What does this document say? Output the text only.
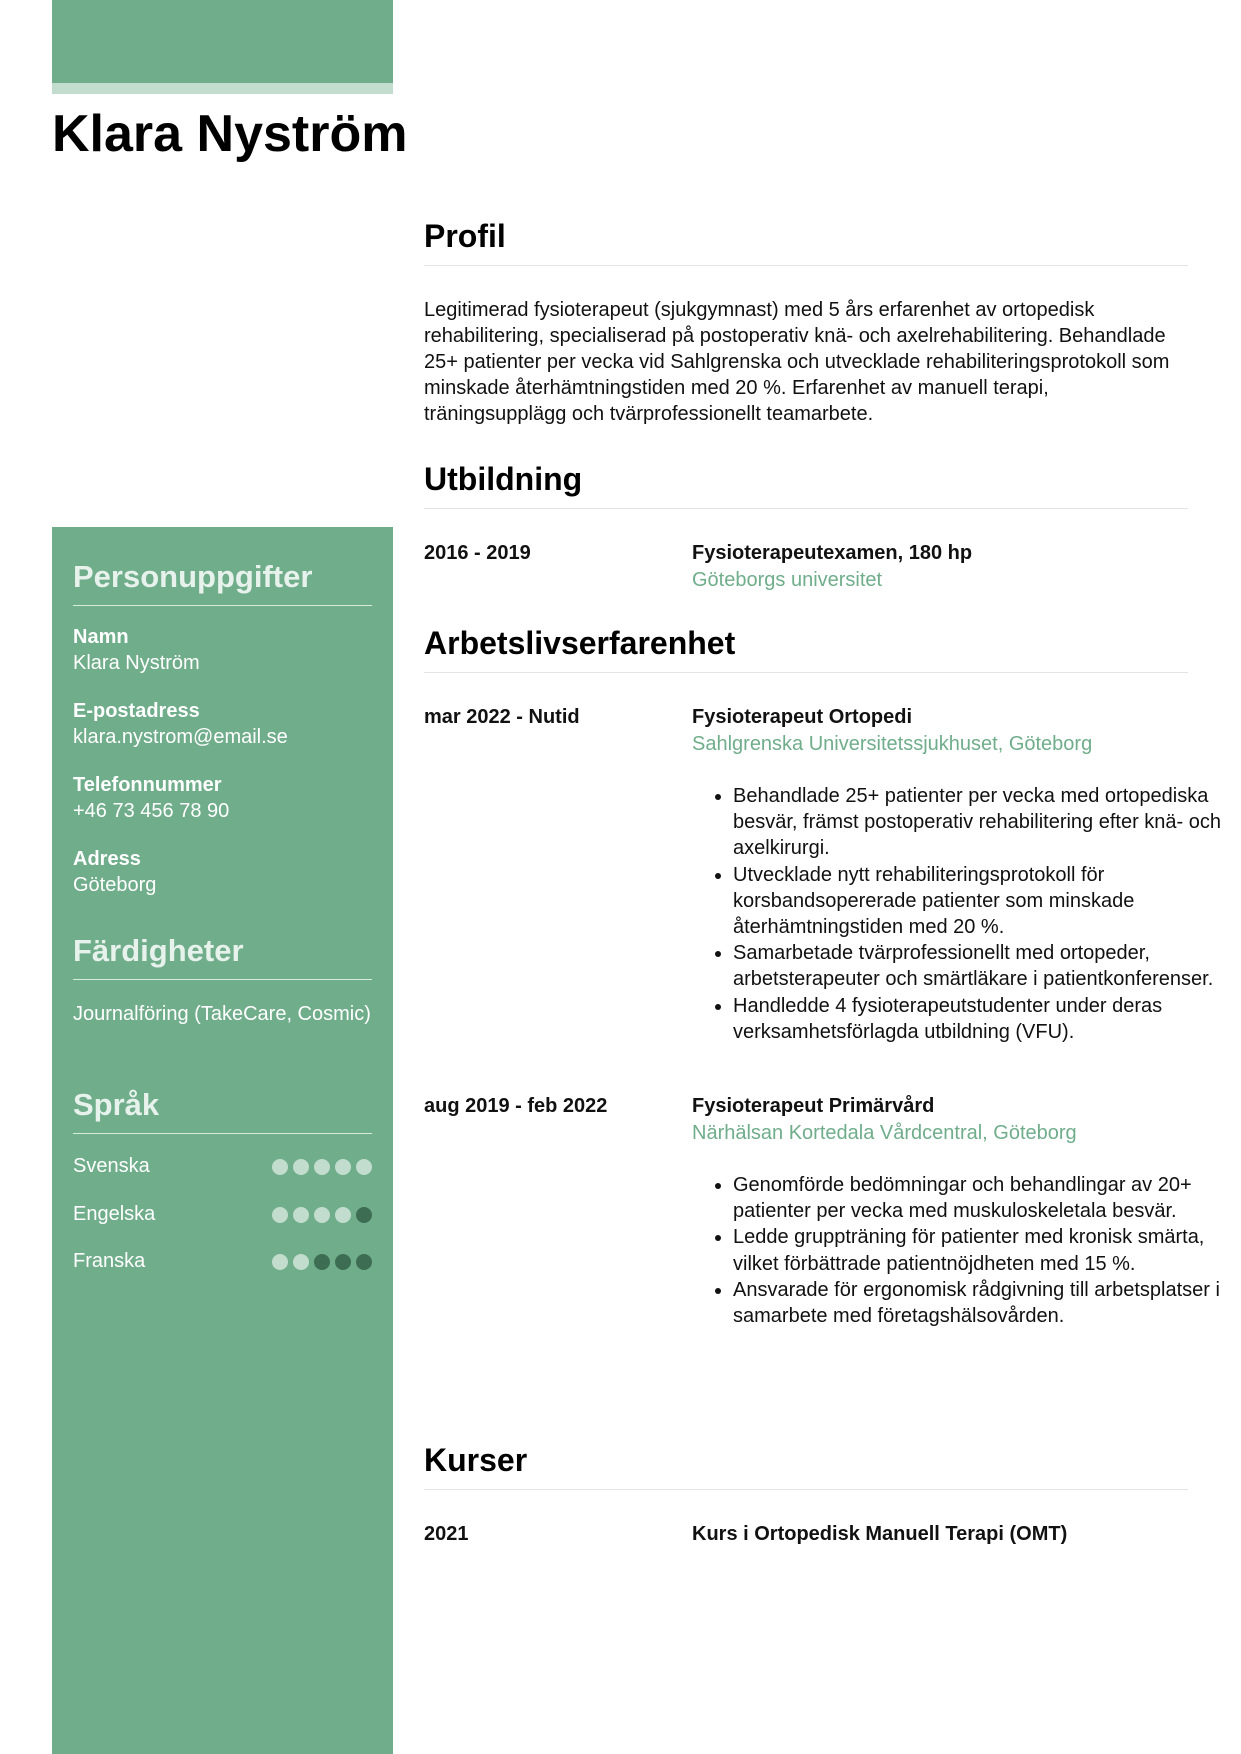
Klara Nyström
Personuppgifter
Namn
Klara Nyström
E-postadress
klara.nystrom@email.se
Telefonnummer
+46 73 456 78 90
Adress
Göteborg
Färdigheter
Journalföring (TakeCare, Cosmic)
Språk
Svenska
Engelska
Franska
Profil

Legitimerad fysioterapeut (sjukgymnast) med 5 års erfarenhet av ortopedisk rehabilitering, specialiserad på postoperativ knä- och axelrehabilitering. Behandlade 25+ patienter per vecka vid Sahlgrenska och utvecklade rehabiliteringsprotokoll som minskade återhämtningstiden med 20 %. Erfarenhet av manuell terapi, träningsupplägg och tvärprofessionellt teamarbete.

Utbildning
2016 - 2019	Fysioterapeutexamen, 180 hp
Göteborgs universitet
Arbetslivserfarenhet
mar 2022 - Nutid	Fysioterapeut Ortopedi
Sahlgrenska Universitetssjukhuset, Göteborg
• Behandlade 25+ patienter per vecka med ortopediska besvär, främst postoperativ rehabilitering efter knä- och axelkirurgi.
• Utvecklade nytt rehabiliteringsprotokoll för korsbandsopererade patienter som minskade återhämtningstiden med 20 %.
• Samarbetade tvärprofessionellt med ortopeder, arbetsterapeuter och smärtläkare i patientkonferenser.
• Handledde 4 fysioterapeutstudenter under deras verksamhetsförlagda utbildning (VFU).
aug 2019 - feb 2022	Fysioterapeut Primärvård
Närhälsan Kortedala Vårdcentral, Göteborg
• Genomförde bedömningar och behandlingar av 20+ patienter per vecka med muskuloskeletala besvär.
• Ledde gruppträning för patienter med kronisk smärta, vilket förbättrade patientnöjdheten med 15 %.
• Ansvarade för ergonomisk rådgivning till arbetsplatser i samarbete med företagshälsovården.
Kurser
2021	Kurs i Ortopedisk Manuell Terapi (OMT)
